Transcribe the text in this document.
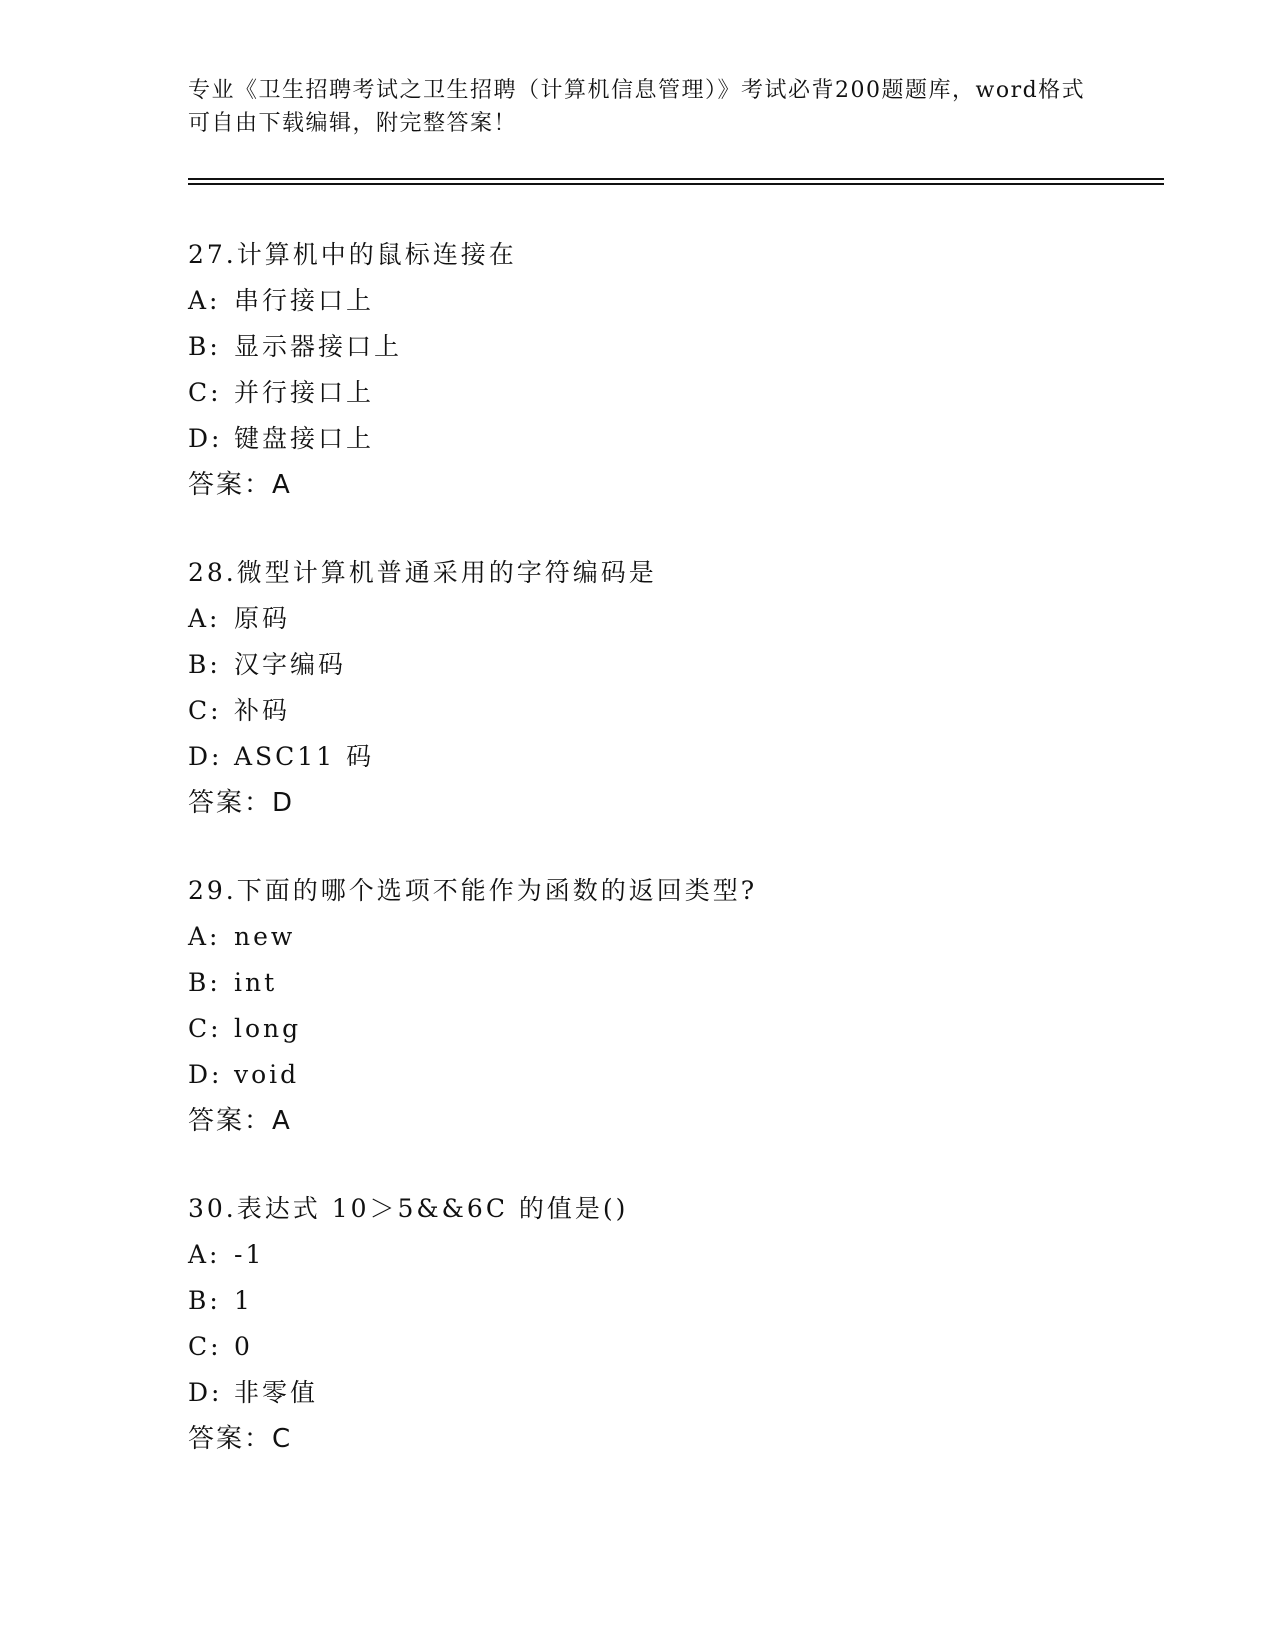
专业《卫生招聘考试之卫生招聘（计算机信息管理）》考试必背200题题库，word格式可自由下载编辑，附完整答案！
27.计算机中的鼠标连接在
A: 串行接口上
B: 显示器接口上
C: 并行接口上
D: 键盘接口上
答案：A
28.微型计算机普通采用的字符编码是
A: 原码
B: 汉字编码
C: 补码
D: ASC11 码
答案：D
29.下面的哪个选项不能作为函数的返回类型?
A: new
B: int
C: long
D: void
答案：A
30.表达式 10＞5&&6C 的值是()
A: -1
B: 1
C: 0
D: 非零值
答案：C
